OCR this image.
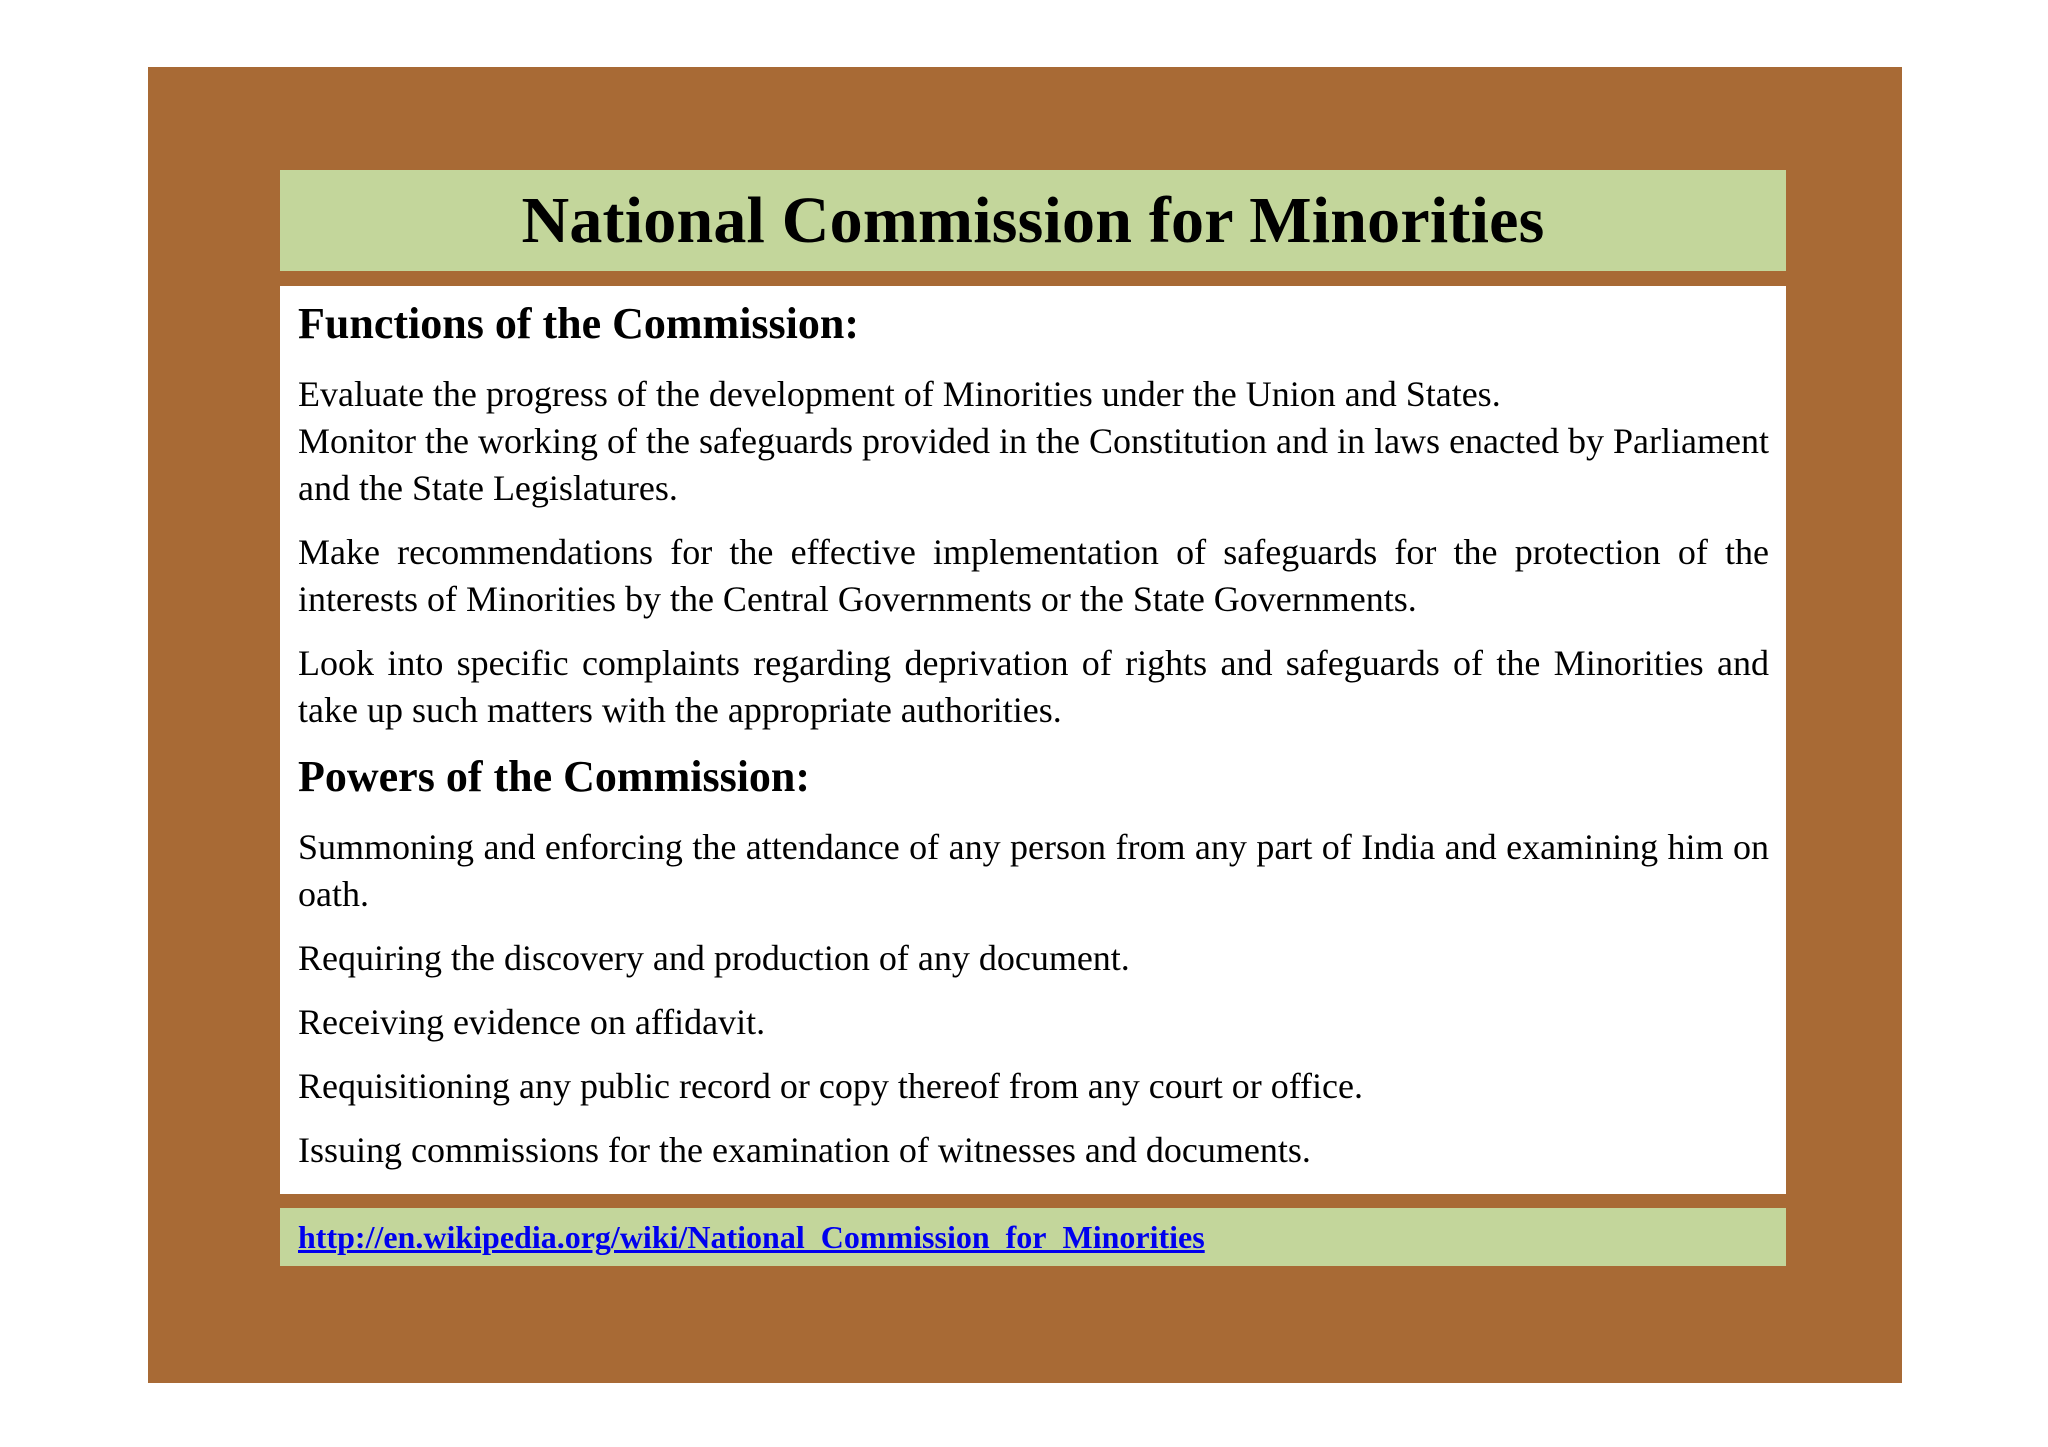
National Commission for Minorities
Functions of the Commission:

Evaluate the progress of the development of Minorities under the Union and States.

Monitor the working of the safeguards provided in the Constitution and in laws enacted by Parliament and the State Legislatures.

Make recommendations for the effective implementation of safeguards for the protection of the interests of Minorities by the Central Governments or the State Governments.

Look into specific complaints regarding deprivation of rights and safeguards of the Minorities and take up such matters with the appropriate authorities.

Powers of the Commission:

Summoning and enforcing the attendance of any person from any part of India and examining him on oath.

Requiring the discovery and production of any document.

Receiving evidence on affidavit.

Requisitioning any public record or copy thereof from any court or office.

Issuing commissions for the examination of witnesses and documents.

http://en.wikipedia.org/wiki/National_Commission_for_Minorities
